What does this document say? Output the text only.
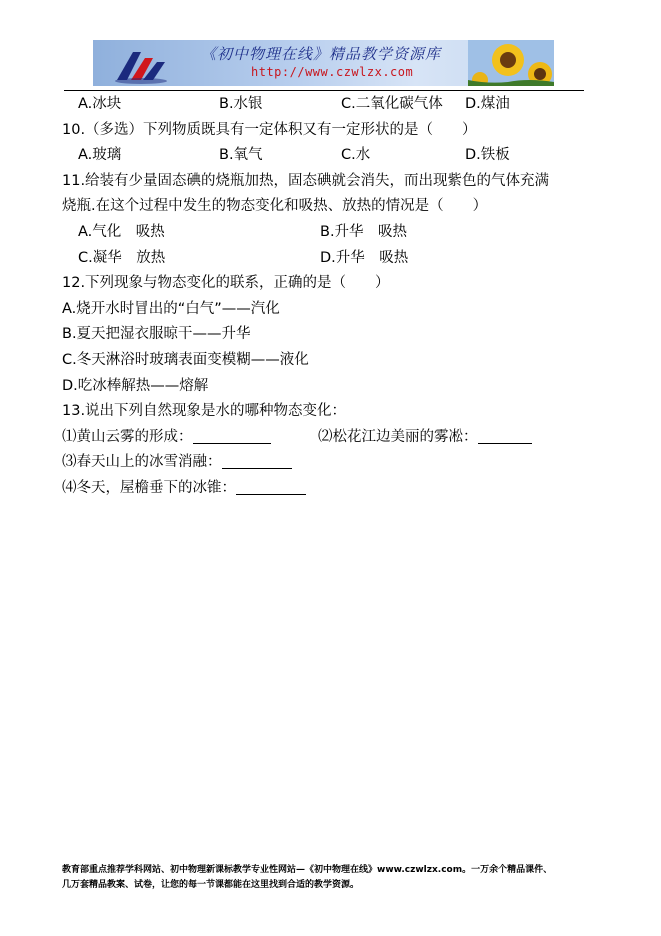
《初中物理在线》精品教学资源库
http://www.czwlzx.com
A.冰块	B.水银	C.二氧化碳气体 D.煤油
10.（多选）下列物质既具有一定体积又有一定形状的是（　　）
A.玻璃	B.氧气	C.水	D.铁板
11.给装有少量固态碘的烧瓶加热，固态碘就会消失，而出现紫色的气体充满
烧瓶.在这个过程中发生的物态变化和吸热、放热的情况是（　　）
A.气化　吸热	B.升华　吸热
C.凝华　放热	D.升华　吸热
12.下列现象与物态变化的联系，正确的是（　　）
A.烧开水时冒出的“白气”——汽化
B.夏天把湿衣服晾干——升华
C.冬天淋浴时玻璃表面变模糊——液化
D.吃冰棒解热——熔解
13.说出下列自然现象是水的哪种物态变化：
⑴黄山云雾的形成：	⑵松花江边美丽的雾凇：
⑶春天山上的冰雪消融：
⑷冬天，屋檐垂下的冰锥：
教育部重点推荐学科网站、初中物理新课标教学专业性网站—《初中物理在线》www.czwlzx.com。一万余个精品课件、
几万套精品教案、试卷，让您的每一节课都能在这里找到合适的教学资源。
